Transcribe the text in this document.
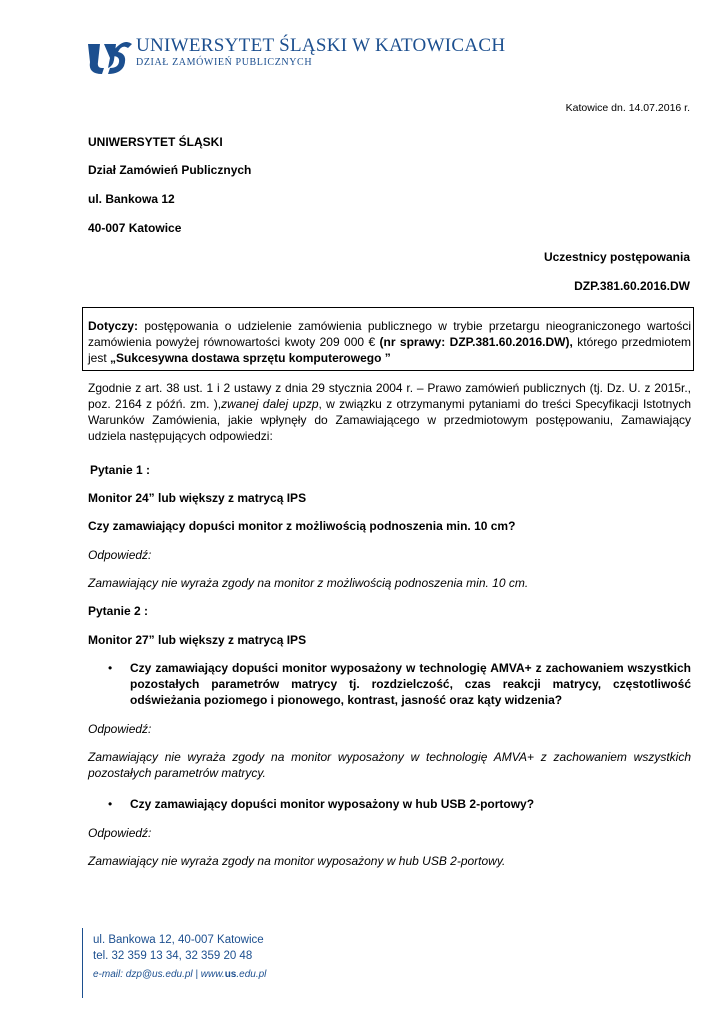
UNIWERSYTET ŚLĄSKI W KATOWICACH
DZIAŁ ZAMÓWIEŃ PUBLICZNYCH
Katowice dn. 14.07.2016 r.
UNIWERSYTET ŚLĄSKI
Dział Zamówień Publicznych
ul. Bankowa 12
40-007 Katowice
Uczestnicy postępowania
DZP.381.60.2016.DW
Dotyczy: postępowania o udzielenie zamówienia publicznego w trybie przetargu nieograniczonego wartości zamówienia powyżej równowartości kwoty 209 000 € (nr sprawy: DZP.381.60.2016.DW), którego przedmiotem jest „Sukcesywna dostawa sprzętu komputerowego ”
Zgodnie z art. 38 ust. 1 i 2 ustawy z dnia 29 stycznia 2004 r. – Prawo zamówień publicznych (tj. Dz. U. z 2015r., poz. 2164 z późń. zm. ),zwanej dalej upzp, w związku z otrzymanymi pytaniami do treści Specyfikacji Istotnych Warunków Zamówienia, jakie wpłynęły do Zamawiającego w przedmiotowym postępowaniu, Zamawiający udziela następujących odpowiedzi:
Pytanie 1 :
Monitor 24” lub większy z matrycą IPS
Czy zamawiający dopuści monitor z możliwością podnoszenia min. 10 cm?
Odpowiedź:
Zamawiający nie wyraża zgody na monitor z możliwością podnoszenia min. 10 cm.
Pytanie 2 :
Monitor 27” lub większy z matrycą IPS
• Czy zamawiający dopuści monitor wyposażony w technologię AMVA+ z zachowaniem wszystkich pozostałych parametrów matrycy tj. rozdzielczość, czas reakcji matrycy, częstotliwość odświeżania poziomego i pionowego, kontrast, jasność oraz kąty widzenia?
Odpowiedź:
Zamawiający nie wyraża zgody na monitor wyposażony w technologię AMVA+ z zachowaniem wszystkich pozostałych parametrów matrycy.
• Czy zamawiający dopuści monitor wyposażony w hub USB 2-portowy?
Odpowiedź:
Zamawiający nie wyraża zgody na monitor wyposażony w hub USB 2-portowy.
ul. Bankowa 12, 40-007 Katowice
tel. 32 359 13 34, 32 359 20 48
e-mail: dzp@us.edu.pl | www.us.edu.pl
